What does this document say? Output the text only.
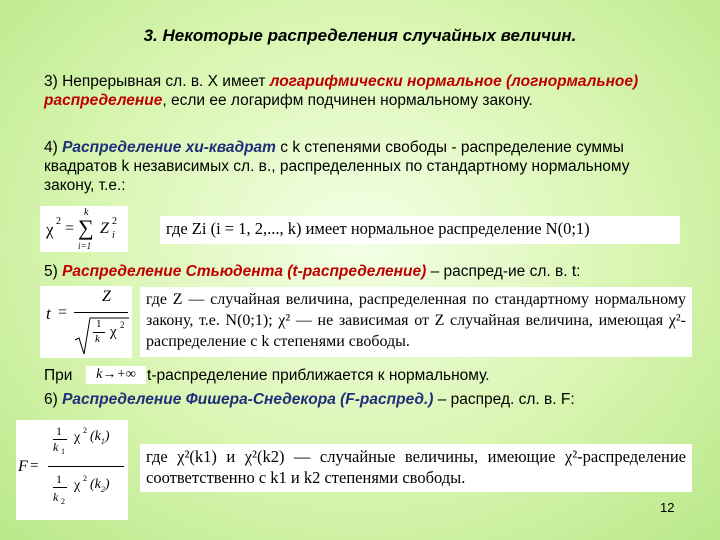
3. Некоторые распределения случайных величин.
3) Непрерывная сл. в. X имеет логарифмически нормальное (логнормальное) распределение, если ее логарифм подчинен нормальному закону.
4) Распределение хи-квадрат с k степенями свободы - распределение суммы квадратов k независимых сл. в., распределенных по стандартному нормальному закону, т.е.:
χ 2 =
k
∑
i=1
Z 2
i	где Zi (i = 1, 2,..., k) имеет нормальное распределение N(0;1)
5) Распределение Стьюдента (t-распределение) – распред-ие сл. в. t:
t =
Z
1
k χ 2
где Z — случайная величина, распределенная по стандартному нормальному закону, т.е. N(0;1); χ² — не зависимая от Z случайная величина, имеющая χ²-распределение с k степенями свободы.
При	t-распределение приближается к нормальному.
k→+∞
6) Распределение Фишера-Снедекора (F-распред.) – распред. сл. в. F:
F =
1
k 1
χ 2 $(k_1)$
1
k 2
χ 2 $(k_2)$
где χ²(k1) и χ²(k2) — случайные величины, имеющие χ²-распределение соответственно с k1 и k2 степенями свободы.
12
